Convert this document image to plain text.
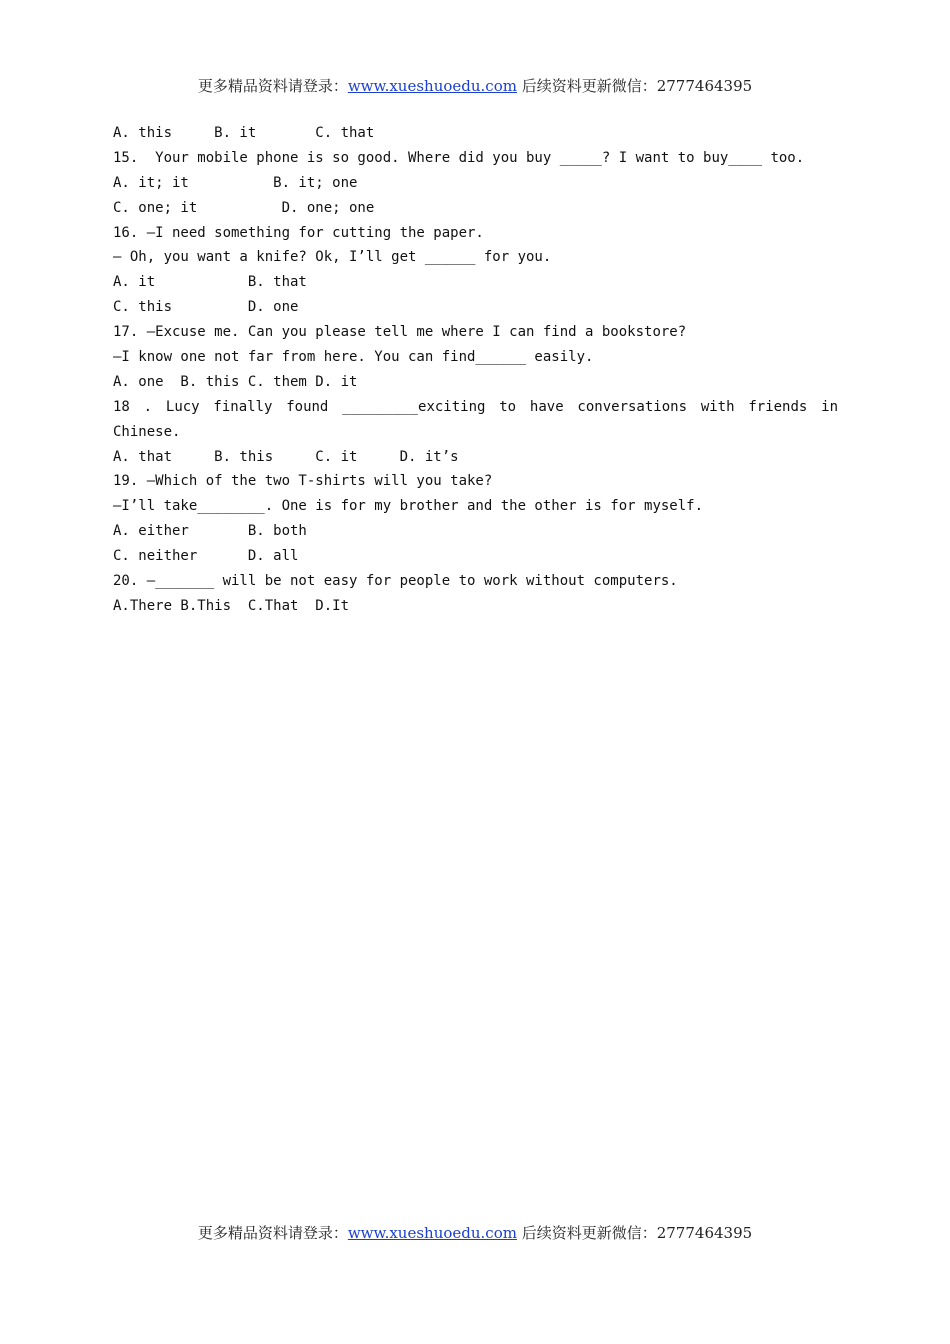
更多精品资料请登录：www.xueshuoedu.com 后续资料更新微信：2777464395
A. this     B. it       C. that
15.  Your mobile phone is so good. Where did you buy _____? I want to buy____ too.
A. it; it          B. it; one
C. one; it          D. one; one
16. —I need something for cutting the paper.
— Oh, you want a knife? Ok, I’ll get ______ for you.
A. it           B. that
C. this         D. one
17. —Excuse me. Can you please tell me where I can find a bookstore?
—I know one not far from here. You can find______ easily.
A. one  B. this C. them D. it
18 . Lucy finally found _________exciting to have conversations with friends in
Chinese.
A. that     B. this     C. it     D. it’s
19. —Which of the two T-shirts will you take?
—I’ll take________. One is for my brother and the other is for myself.
A. either       B. both
C. neither      D. all
20. —_______ will be not easy for people to work without computers.
A.There B.This  C.That  D.It
更多精品资料请登录：www.xueshuoedu.com 后续资料更新微信：2777464395
